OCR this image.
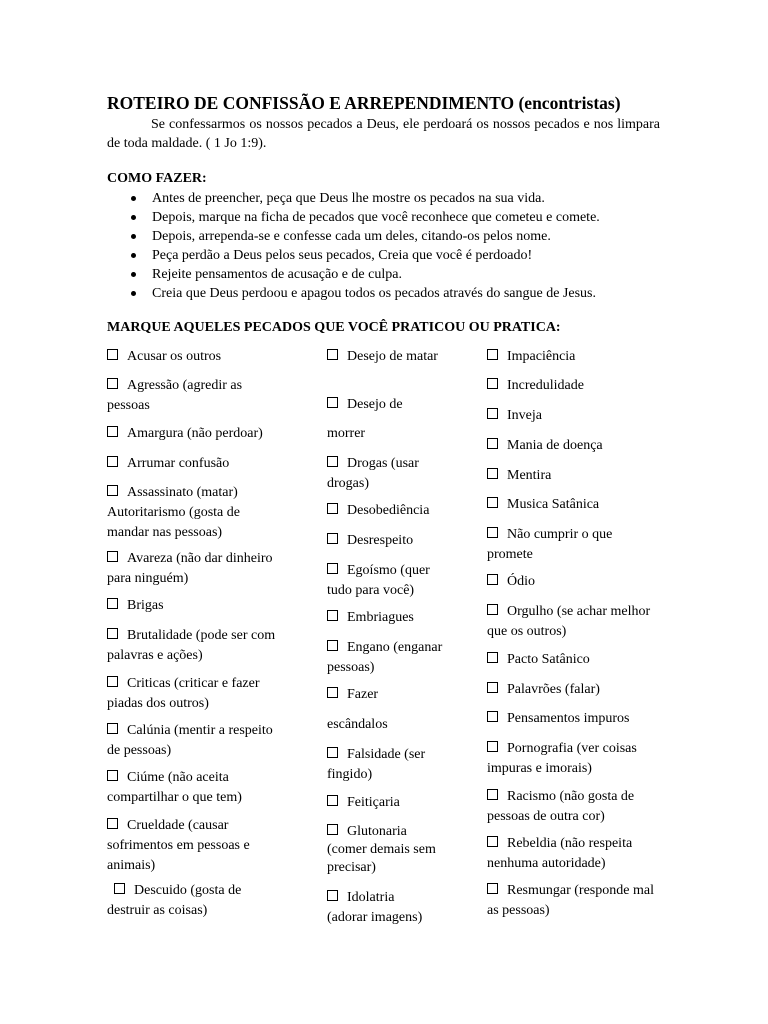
ROTEIRO DE CONFISSÃO E ARREPENDIMENTO (encontristas)
Se confessarmos os nossos pecados a Deus, ele perdoará os nossos pecados e nos limpara de toda maldade. ( 1 Jo 1:9).
COMO FAZER:
Antes de preencher, peça que Deus lhe mostre os pecados na sua vida.
Depois, marque na ficha de pecados que você reconhece que cometeu e comete.
Depois, arrependa-se e confesse cada um deles, citando-os pelos nome.
Peça perdão a Deus pelos seus pecados, Creia que você é perdoado!
Rejeite pensamentos de acusação e de culpa.
Creia que Deus perdoou e apagou todos os pecados através do sangue de Jesus.
MARQUE AQUELES PECADOS QUE VOCÊ PRATICOU OU PRATICA:
Acusar os outros
Agressão (agredir as pessoas
Amargura (não perdoar)
Arrumar confusão
Assassinato (matar) Autoritarismo (gosta de mandar nas pessoas)
Avareza (não dar dinheiro para ninguém)
Brigas
Brutalidade (pode ser com palavras e ações)
Criticas (criticar e fazer piadas dos outros)
Calúnia (mentir a respeito de pessoas)
Ciúme (não aceita compartilhar o que tem)
Crueldade (causar sofrimentos em pessoas e animais)
Descuido (gosta de destruir as coisas)
Desejo de matar
Desejo de
morrer
Drogas (usar drogas)
Desobediência
Desrespeito
Egoísmo (quer tudo para você)
Embriagues
Engano (enganar pessoas)
Fazer
escândalos
Falsidade (ser fingido)
Feitiçaria
Glutonaria (comer demais sem precisar)
Idolatria (adorar imagens)
Impaciência
Incredulidade
Inveja
Mania de doença
Mentira
Musica Satânica
Não cumprir o que promete
Ódio
Orgulho (se achar melhor que os outros)
Pacto Satânico
Palavrões (falar)
Pensamentos impuros
Pornografia (ver coisas impuras e imorais)
Racismo (não gosta de pessoas de outra cor)
Rebeldia (não respeita nenhuma autoridade)
Resmungar (responde mal as pessoas)
